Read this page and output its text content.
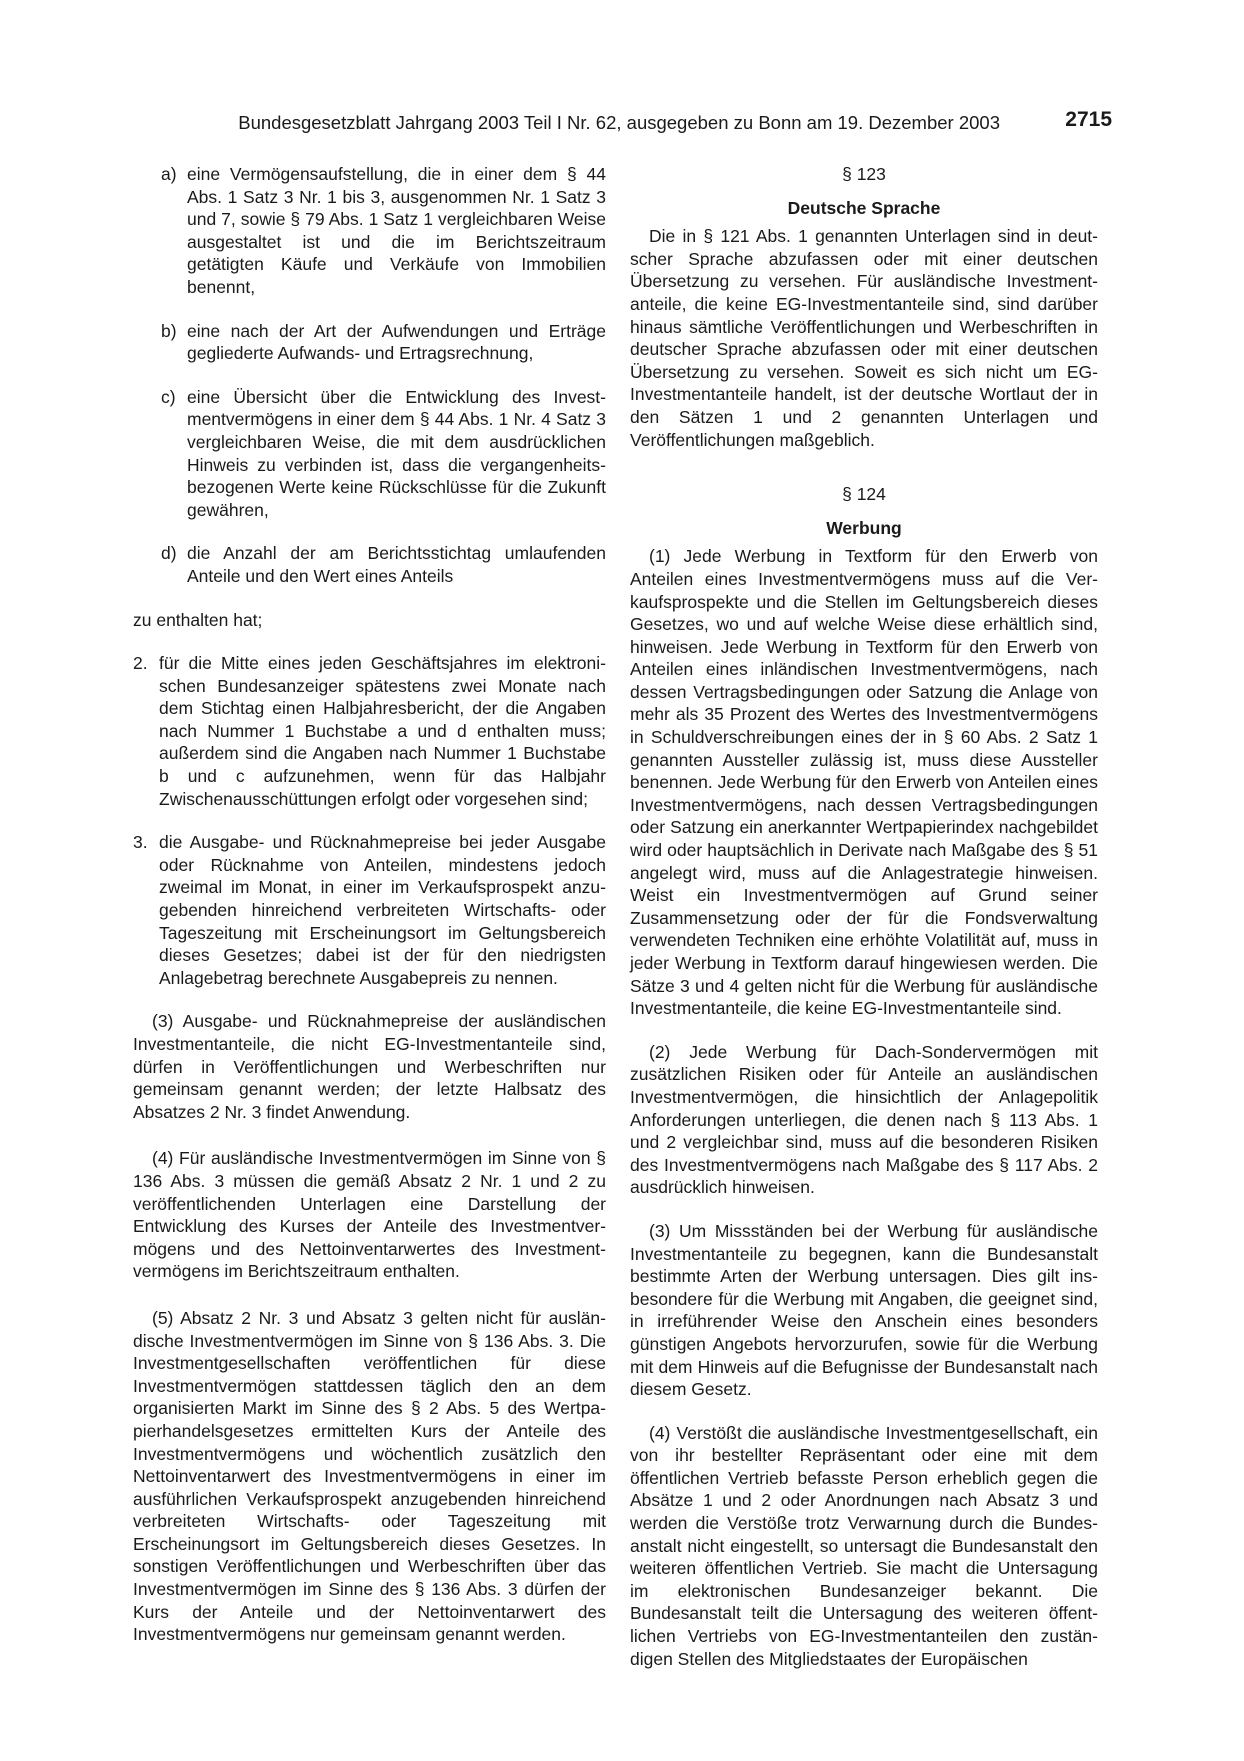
Bundesgesetzblatt Jahrgang 2003 Teil I Nr. 62, ausgegeben zu Bonn am 19. Dezember 2003	2715
a) eine Vermögensaufstellung, die in einer dem § 44 Abs. 1 Satz 3 Nr. 1 bis 3, ausgenommen Nr. 1 Satz 3 und 7, sowie § 79 Abs. 1 Satz 1 vergleichbaren Weise ausgestaltet ist und die im Berichtszeitraum getätigten Käufe und Verkäufe von Immobilien benennt,

b) eine nach der Art der Aufwendungen und Erträge gegliederte Aufwands- und Ertragsrechnung,

c) eine Übersicht über die Entwicklung des Investmentvermögens in einer dem § 44 Abs. 1 Nr. 4 Satz 3 vergleichbaren Weise, die mit dem ausdrücklichen Hinweis zu verbinden ist, dass die vergangenheitsbezogenen Werte keine Rückschlüsse für die Zukunft gewähren,

d) die Anzahl der am Berichtsstichtag umlaufenden Anteile und den Wert eines Anteils

zu enthalten hat;

2. für die Mitte eines jeden Geschäftsjahres im elektronischen Bundesanzeiger spätestens zwei Monate nach dem Stichtag einen Halbjahresbericht, der die Angaben nach Nummer 1 Buchstabe a und d enthalten muss; außerdem sind die Angaben nach Nummer 1 Buchstabe b und c aufzunehmen, wenn für das Halbjahr Zwischenausschüttungen erfolgt oder vorgesehen sind;

3. die Ausgabe- und Rücknahmepreise bei jeder Ausgabe oder Rücknahme von Anteilen, mindestens jedoch zweimal im Monat, in einer im Verkaufsprospekt anzugebenden hinreichend verbreiteten Wirtschafts- oder Tageszeitung mit Erscheinungsort im Geltungsbereich dieses Gesetzes; dabei ist der für den niedrigsten Anlagebetrag berechnete Ausgabepreis zu nennen.

(3) Ausgabe- und Rücknahmepreise der ausländischen Investmentanteile, die nicht EG-Investmentanteile sind, dürfen in Veröffentlichungen und Werbeschriften nur gemeinsam genannt werden; der letzte Halbsatz des Absatzes 2 Nr. 3 findet Anwendung.

(4) Für ausländische Investmentvermögen im Sinne von § 136 Abs. 3 müssen die gemäß Absatz 2 Nr. 1 und 2 zu veröffentlichenden Unterlagen eine Darstellung der Entwicklung des Kurses der Anteile des Investmentvermögens und des Nettoinventarwertes des Investmentvermögens im Berichtszeitraum enthalten.

(5) Absatz 2 Nr. 3 und Absatz 3 gelten nicht für ausländische Investmentvermögen im Sinne von § 136 Abs. 3. Die Investmentgesellschaften veröffentlichen für diese Investmentvermögen stattdessen täglich den an dem organisierten Markt im Sinne des § 2 Abs. 5 des Wertpapierhandelsgesetzes ermittelten Kurs der Anteile des Investmentvermögens und wöchentlich zusätzlich den Nettoinventarwert des Investmentvermögens in einer im ausführlichen Verkaufsprospekt anzugebenden hinreichend verbreiteten Wirtschafts- oder Tageszeitung mit Erscheinungsort im Geltungsbereich dieses Gesetzes. In sonstigen Veröffentlichungen und Werbeschriften über das Investmentvermögen im Sinne des § 136 Abs. 3 dürfen der Kurs der Anteile und der Nettoinventarwert des Investmentvermögens nur gemeinsam genannt werden.

§ 123

Deutsche Sprache

Die in § 121 Abs. 1 genannten Unterlagen sind in deutscher Sprache abzufassen oder mit einer deutschen Übersetzung zu versehen. Für ausländische Investmentanteile, die keine EG-Investmentanteile sind, sind darüber hinaus sämtliche Veröffentlichungen und Werbeschriften in deutscher Sprache abzufassen oder mit einer deutschen Übersetzung zu versehen. Soweit es sich nicht um EG-Investmentanteile handelt, ist der deutsche Wortlaut der in den Sätzen 1 und 2 genannten Unterlagen und Veröffentlichungen maßgeblich.

§ 124

Werbung

(1) Jede Werbung in Textform für den Erwerb von Anteilen eines Investmentvermögens muss auf die Verkaufsprospekte und die Stellen im Geltungsbereich dieses Gesetzes, wo und auf welche Weise diese erhältlich sind, hinweisen. Jede Werbung in Textform für den Erwerb von Anteilen eines inländischen Investmentvermögens, nach dessen Vertragsbedingungen oder Satzung die Anlage von mehr als 35 Prozent des Wertes des Investmentvermögens in Schuldverschreibungen eines der in § 60 Abs. 2 Satz 1 genannten Aussteller zulässig ist, muss diese Aussteller benennen. Jede Werbung für den Erwerb von Anteilen eines Investmentvermögens, nach dessen Vertragsbedingungen oder Satzung ein anerkannter Wertpapierindex nachgebildet wird oder hauptsächlich in Derivate nach Maßgabe des § 51 angelegt wird, muss auf die Anlagestrategie hinweisen. Weist ein Investmentvermögen auf Grund seiner Zusammensetzung oder der für die Fondsverwaltung verwendeten Techniken eine erhöhte Volatilität auf, muss in jeder Werbung in Textform darauf hingewiesen werden. Die Sätze 3 und 4 gelten nicht für die Werbung für ausländische Investmentanteile, die keine EG-Investmentanteile sind.

(2) Jede Werbung für Dach-Sondervermögen mit zusätzlichen Risiken oder für Anteile an ausländischen Investmentvermögen, die hinsichtlich der Anlagepolitik Anforderungen unterliegen, die denen nach § 113 Abs. 1 und 2 vergleichbar sind, muss auf die besonderen Risiken des Investmentvermögens nach Maßgabe des § 117 Abs. 2 ausdrücklich hinweisen.

(3) Um Missständen bei der Werbung für ausländische Investmentanteile zu begegnen, kann die Bundesanstalt bestimmte Arten der Werbung untersagen. Dies gilt insbesondere für die Werbung mit Angaben, die geeignet sind, in irreführender Weise den Anschein eines besonders günstigen Angebots hervorzurufen, sowie für die Werbung mit dem Hinweis auf die Befugnisse der Bundesanstalt nach diesem Gesetz.

(4) Verstößt die ausländische Investmentgesellschaft, ein von ihr bestellter Repräsentant oder eine mit dem öffentlichen Vertrieb befasste Person erheblich gegen die Absätze 1 und 2 oder Anordnungen nach Absatz 3 und werden die Verstöße trotz Verwarnung durch die Bundesanstalt nicht eingestellt, so untersagt die Bundesanstalt den weiteren öffentlichen Vertrieb. Sie macht die Untersagung im elektronischen Bundesanzeiger bekannt. Die Bundesanstalt teilt die Untersagung des weiteren öffentlichen Vertriebs von EG-Investmentanteilen den zuständigen Stellen des Mitgliedstaates der Europäischen
